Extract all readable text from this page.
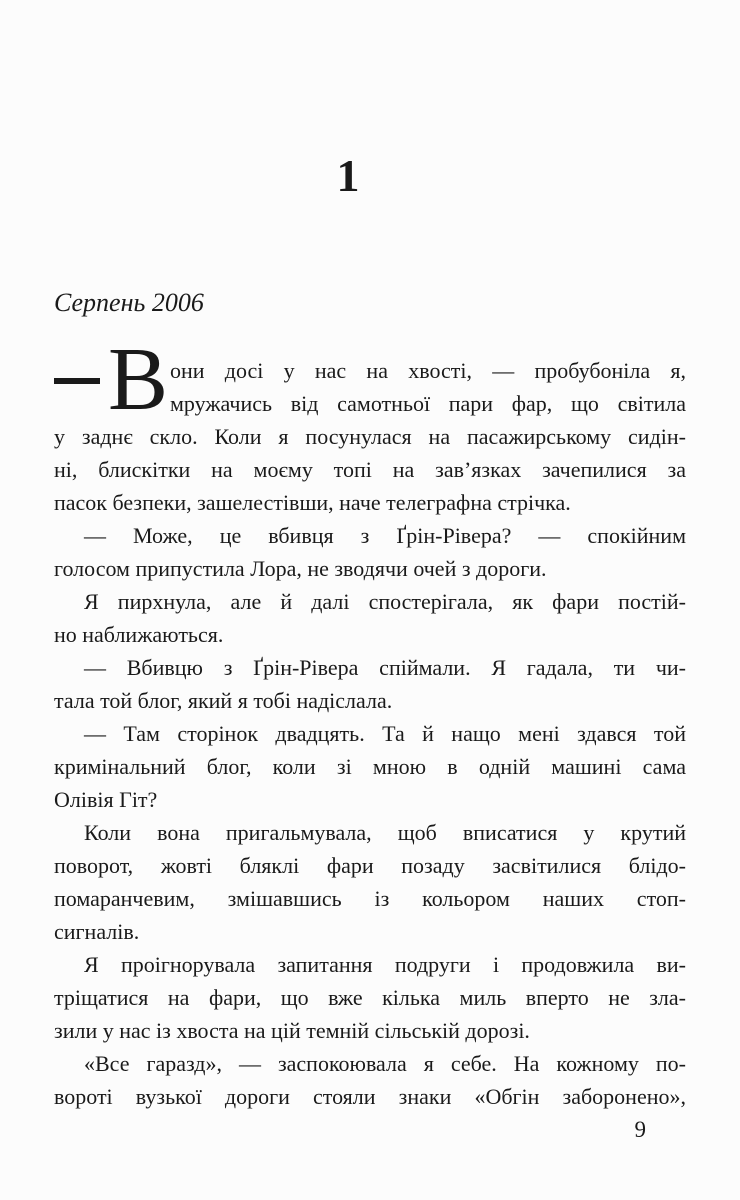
1
Серпень 2006
В они досі у нас на хвості, — пробубоніла я,
мружачись від самотньої пари фар, що світила
у заднє скло. Коли я посунулася на пасажирському сидін-
ні, блискітки на моєму топі на зав’язках зачепилися за
пасок безпеки, зашелестівши, наче телеграфна стрічка.
— Може, це вбивця з Ґрін-Рівера? — спокійним
голосом припустила Лора, не зводячи очей з дороги.
Я пирхнула, але й далі спостерігала, як фари постій-
но наближаються.
— Вбивцю з Ґрін-Рівера спіймали. Я гадала, ти чи-
тала той блог, який я тобі надіслала.
— Там сторінок двадцять. Та й нащо мені здався той
кримінальний блог, коли зі мною в одній машині сама
Олівія Гіт?
Коли вона пригальмувала, щоб вписатися у крутий
поворот, жовті бляклі фари позаду засвітилися блідо-
помаранчевим, змішавшись із кольором наших стоп-
сигналів.
Я проігнорувала запитання подруги і продовжила ви-
тріщатися на фари, що вже кілька миль вперто не зла-
зили у нас із хвоста на цій темній сільській дорозі.
«Все гаразд», — заспокоювала я себе. На кожному по-
вороті вузької дороги стояли знаки «Обгін заборонено»,
9
